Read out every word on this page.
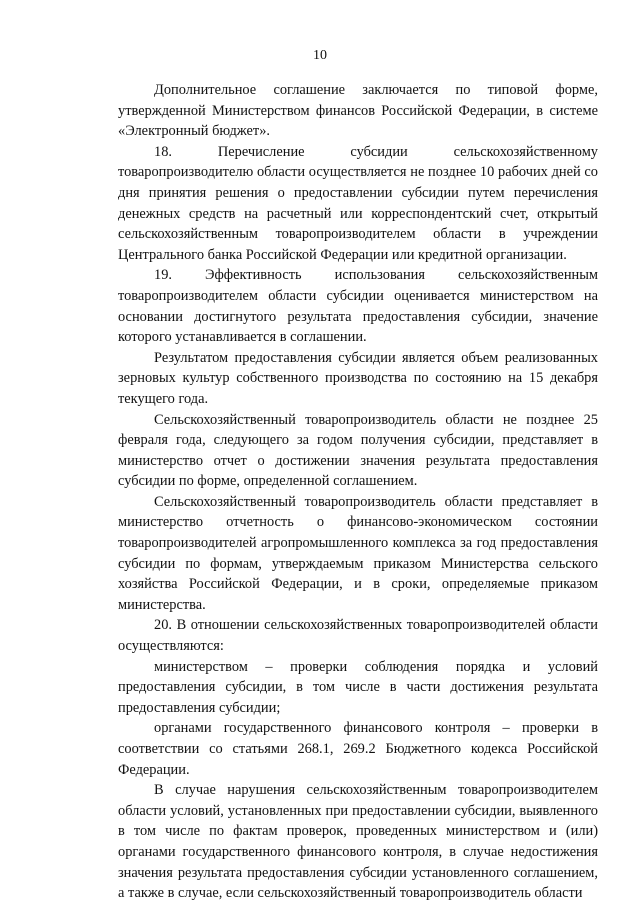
10

Дополнительное соглашение заключается по типовой форме, утвержденной Министерством финансов Российской Федерации, в системе «Электронный бюджет».

18. Перечисление субсидии сельскохозяйственному товаропроизводителю области осуществляется не позднее 10 рабочих дней со дня принятия решения о предоставлении субсидии путем перечисления денежных средств на расчетный или корреспондентский счет, открытый сельскохозяйственным товаропроизводителем области в учреждении Центрального банка Российской Федерации или кредитной организации.

19. Эффективность использования сельскохозяйственным товаропроизводителем области субсидии оценивается министерством на основании достигнутого результата предоставления субсидии, значение которого устанавливается в соглашении.

Результатом предоставления субсидии является объем реализованных зерновых культур собственного производства по состоянию на 15 декабря текущего года.

Сельскохозяйственный товаропроизводитель области не позднее 25 февраля года, следующего за годом получения субсидии, представляет в министерство отчет о достижении значения результата предоставления субсидии по форме, определенной соглашением.

Сельскохозяйственный товаропроизводитель области представляет в министерство отчетность о финансово-экономическом состоянии товаропроизводителей агропромышленного комплекса за год предоставления субсидии по формам, утверждаемым приказом Министерства сельского хозяйства Российской Федерации, и в сроки, определяемые приказом министерства.

20. В отношении сельскохозяйственных товаропроизводителей области осуществляются:

министерством – проверки соблюдения порядка и условий предоставления субсидии, в том числе в части достижения результата предоставления субсидии;

органами государственного финансового контроля – проверки в соответствии со статьями 268.1, 269.2 Бюджетного кодекса Российской Федерации.

В случае нарушения сельскохозяйственным товаропроизводителем области условий, установленных при предоставлении субсидии, выявленного в том числе по фактам проверок, проведенных министерством и (или) органами государственного финансового контроля, в случае недостижения значения результата предоставления субсидии установленного соглашением, а также в случае, если сельскохозяйственный товаропроизводитель области
